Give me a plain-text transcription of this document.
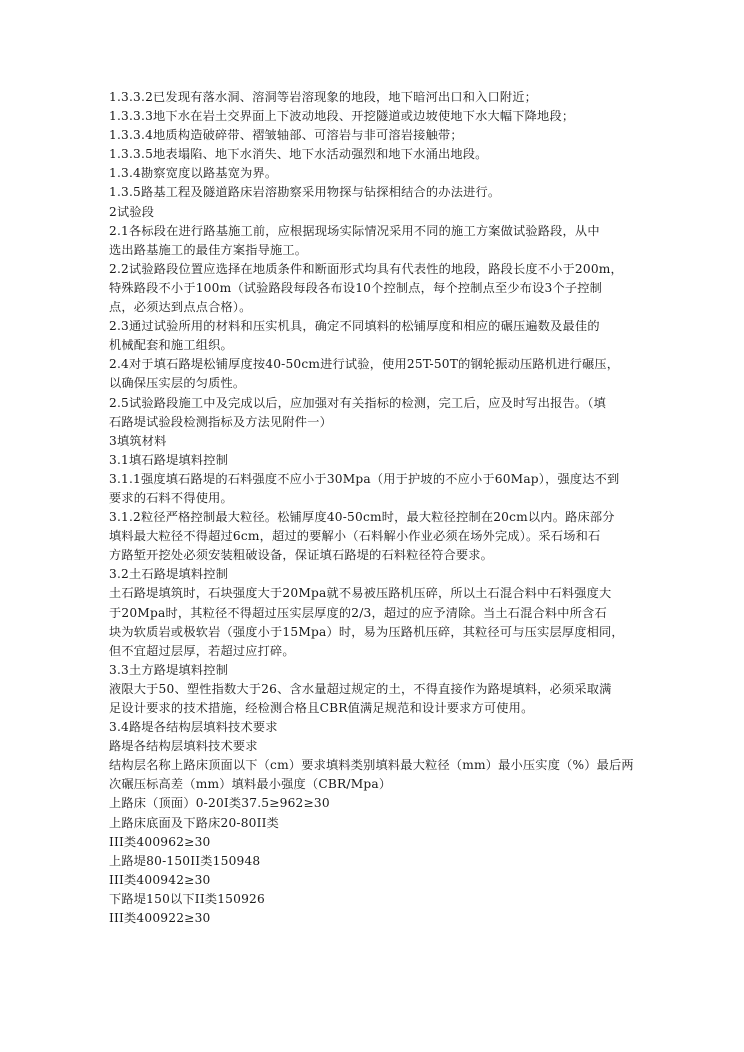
1.3.3.2已发现有落水洞、溶洞等岩溶现象的地段，地下暗河出口和入口附近；
1.3.3.3地下水在岩土交界面上下波动地段、开挖隧道或边坡使地下水大幅下降地段；
1.3.3.4地质构造破碎带、褶皱轴部、可溶岩与非可溶岩接触带；
1.3.3.5地表塌陷、地下水消失、地下水活动强烈和地下水涌出地段。
1.3.4勘察宽度以路基宽为界。
1.3.5路基工程及隧道路床岩溶勘察采用物探与钻探相结合的办法进行。
2试验段
2.1各标段在进行路基施工前，应根据现场实际情况采用不同的施工方案做试验路段，从中
选出路基施工的最佳方案指导施工。
2.2试验路段位置应选择在地质条件和断面形式均具有代表性的地段，路段长度不小于200m，
特殊路段不小于100m（试验路段每段各布设10个控制点，每个控制点至少布设3个子控制
点，必须达到点点合格）。
2.3通过试验所用的材料和压实机具，确定不同填料的松铺厚度和相应的碾压遍数及最佳的
机械配套和施工组织。
2.4对于填石路堤松铺厚度按40-50cm进行试验，使用25T-50T的钢轮振动压路机进行碾压，
以确保压实层的匀质性。
2.5试验路段施工中及完成以后，应加强对有关指标的检测，完工后，应及时写出报告。（填
石路堤试验段检测指标及方法见附件一）
3填筑材料
3.1填石路堤填料控制
3.1.1强度填石路堤的石料强度不应小于30Mpa（用于护坡的不应小于60Map），强度达不到
要求的石料不得使用。
3.1.2粒径严格控制最大粒径。松铺厚度40-50cm时，最大粒径控制在20cm以内。路床部分
填料最大粒径不得超过6cm，超过的要解小（石料解小作业必须在场外完成）。采石场和石
方路堑开挖处必须安装粗破设备，保证填石路堤的石料粒径符合要求。
3.2土石路堤填料控制
土石路堤填筑时，石块强度大于20Mpa就不易被压路机压碎，所以土石混合料中石料强度大
于20Mpa时，其粒径不得超过压实层厚度的2/3，超过的应予清除。当土石混合料中所含石
块为软质岩或极软岩（强度小于15Mpa）时，易为压路机压碎，其粒径可与压实层厚度相同，
但不宜超过层厚，若超过应打碎。
3.3土方路堤填料控制
液限大于50、塑性指数大于26、含水量超过规定的土，不得直接作为路堤填料，必须采取满
足设计要求的技术措施，经检测合格且CBR值满足规范和设计要求方可使用。
3.4路堤各结构层填料技术要求
路堤各结构层填料技术要求
结构层名称上路床顶面以下（cm）要求填料类别填料最大粒径（mm）最小压实度（%）最后两
次碾压标高差（mm）填料最小强度（CBR/Mpa）
上路床（顶面）0-20I类37.5≥962≥30
上路床底面及下路床20-80II类
III类400962≥30
上路堤80-150II类150948
III类400942≥30
下路堤150以下II类150926
III类400922≥30
